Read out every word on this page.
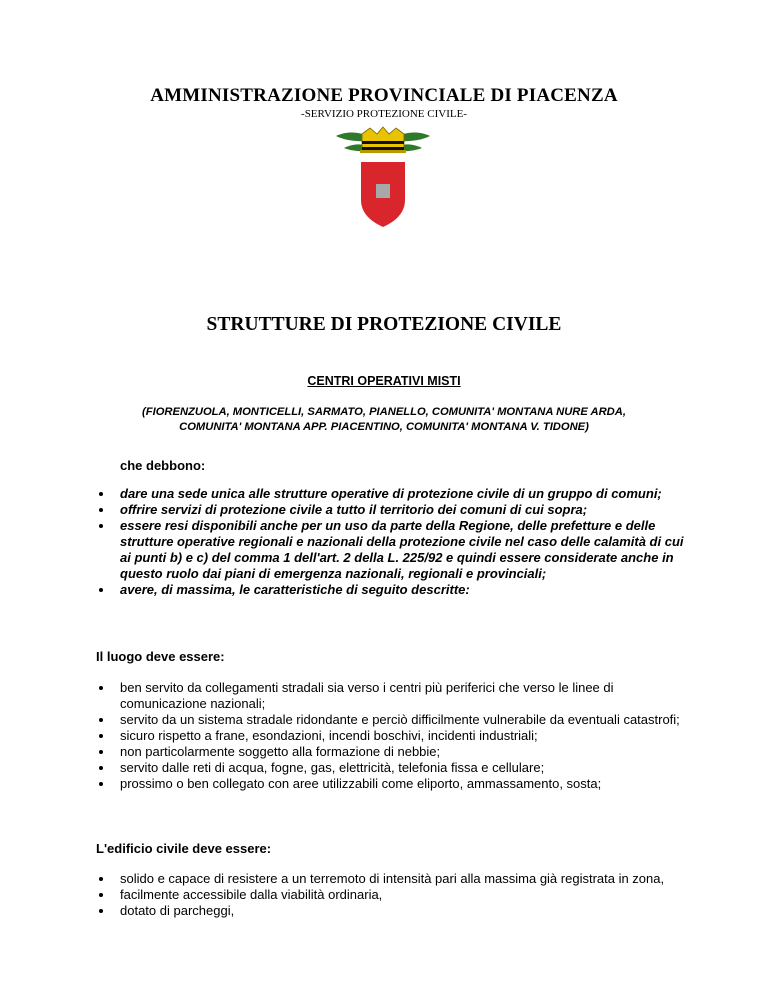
AMMINISTRAZIONE PROVINCIALE DI PIACENZA
-SERVIZIO PROTEZIONE CIVILE-
STRUTTURE DI PROTEZIONE CIVILE
CENTRI OPERATIVI MISTI
(FIORENZUOLA, MONTICELLI, SARMATO, PIANELLO, COMUNITA' MONTANA NURE ARDA,
COMUNITA' MONTANA APP. PIACENTINO, COMUNITA' MONTANA V. TIDONE)
che debbono:
dare una sede unica alle strutture operative di protezione civile di un gruppo di comuni;
offrire servizi di protezione civile a tutto il territorio dei comuni di cui sopra;
essere resi disponibili anche per un uso da parte della Regione, delle prefetture e delle strutture operative regionali e nazionali della protezione civile nel caso delle calamità di cui ai punti b) e c) del comma 1 dell'art. 2 della L. 225/92 e quindi essere considerate anche in questo ruolo dai piani di emergenza nazionali, regionali e provinciali;
avere, di massima, le caratteristiche di seguito descritte:
Il luogo deve essere:
ben servito da collegamenti stradali sia verso i centri più periferici che verso le linee di comunicazione nazionali;
servito da un sistema stradale ridondante e perciò difficilmente vulnerabile da eventuali catastrofi;
sicuro rispetto a frane, esondazioni, incendi boschivi, incidenti industriali;
non particolarmente soggetto alla formazione di nebbie;
servito dalle reti di acqua, fogne, gas, elettricità, telefonia fissa e cellulare;
prossimo o ben collegato con aree utilizzabili come eliporto, ammassamento, sosta;
L'edificio civile deve essere:
solido e capace di resistere a un terremoto di intensità pari alla massima già registrata in zona,
facilmente accessibile dalla viabilità ordinaria,
dotato di parcheggi,
